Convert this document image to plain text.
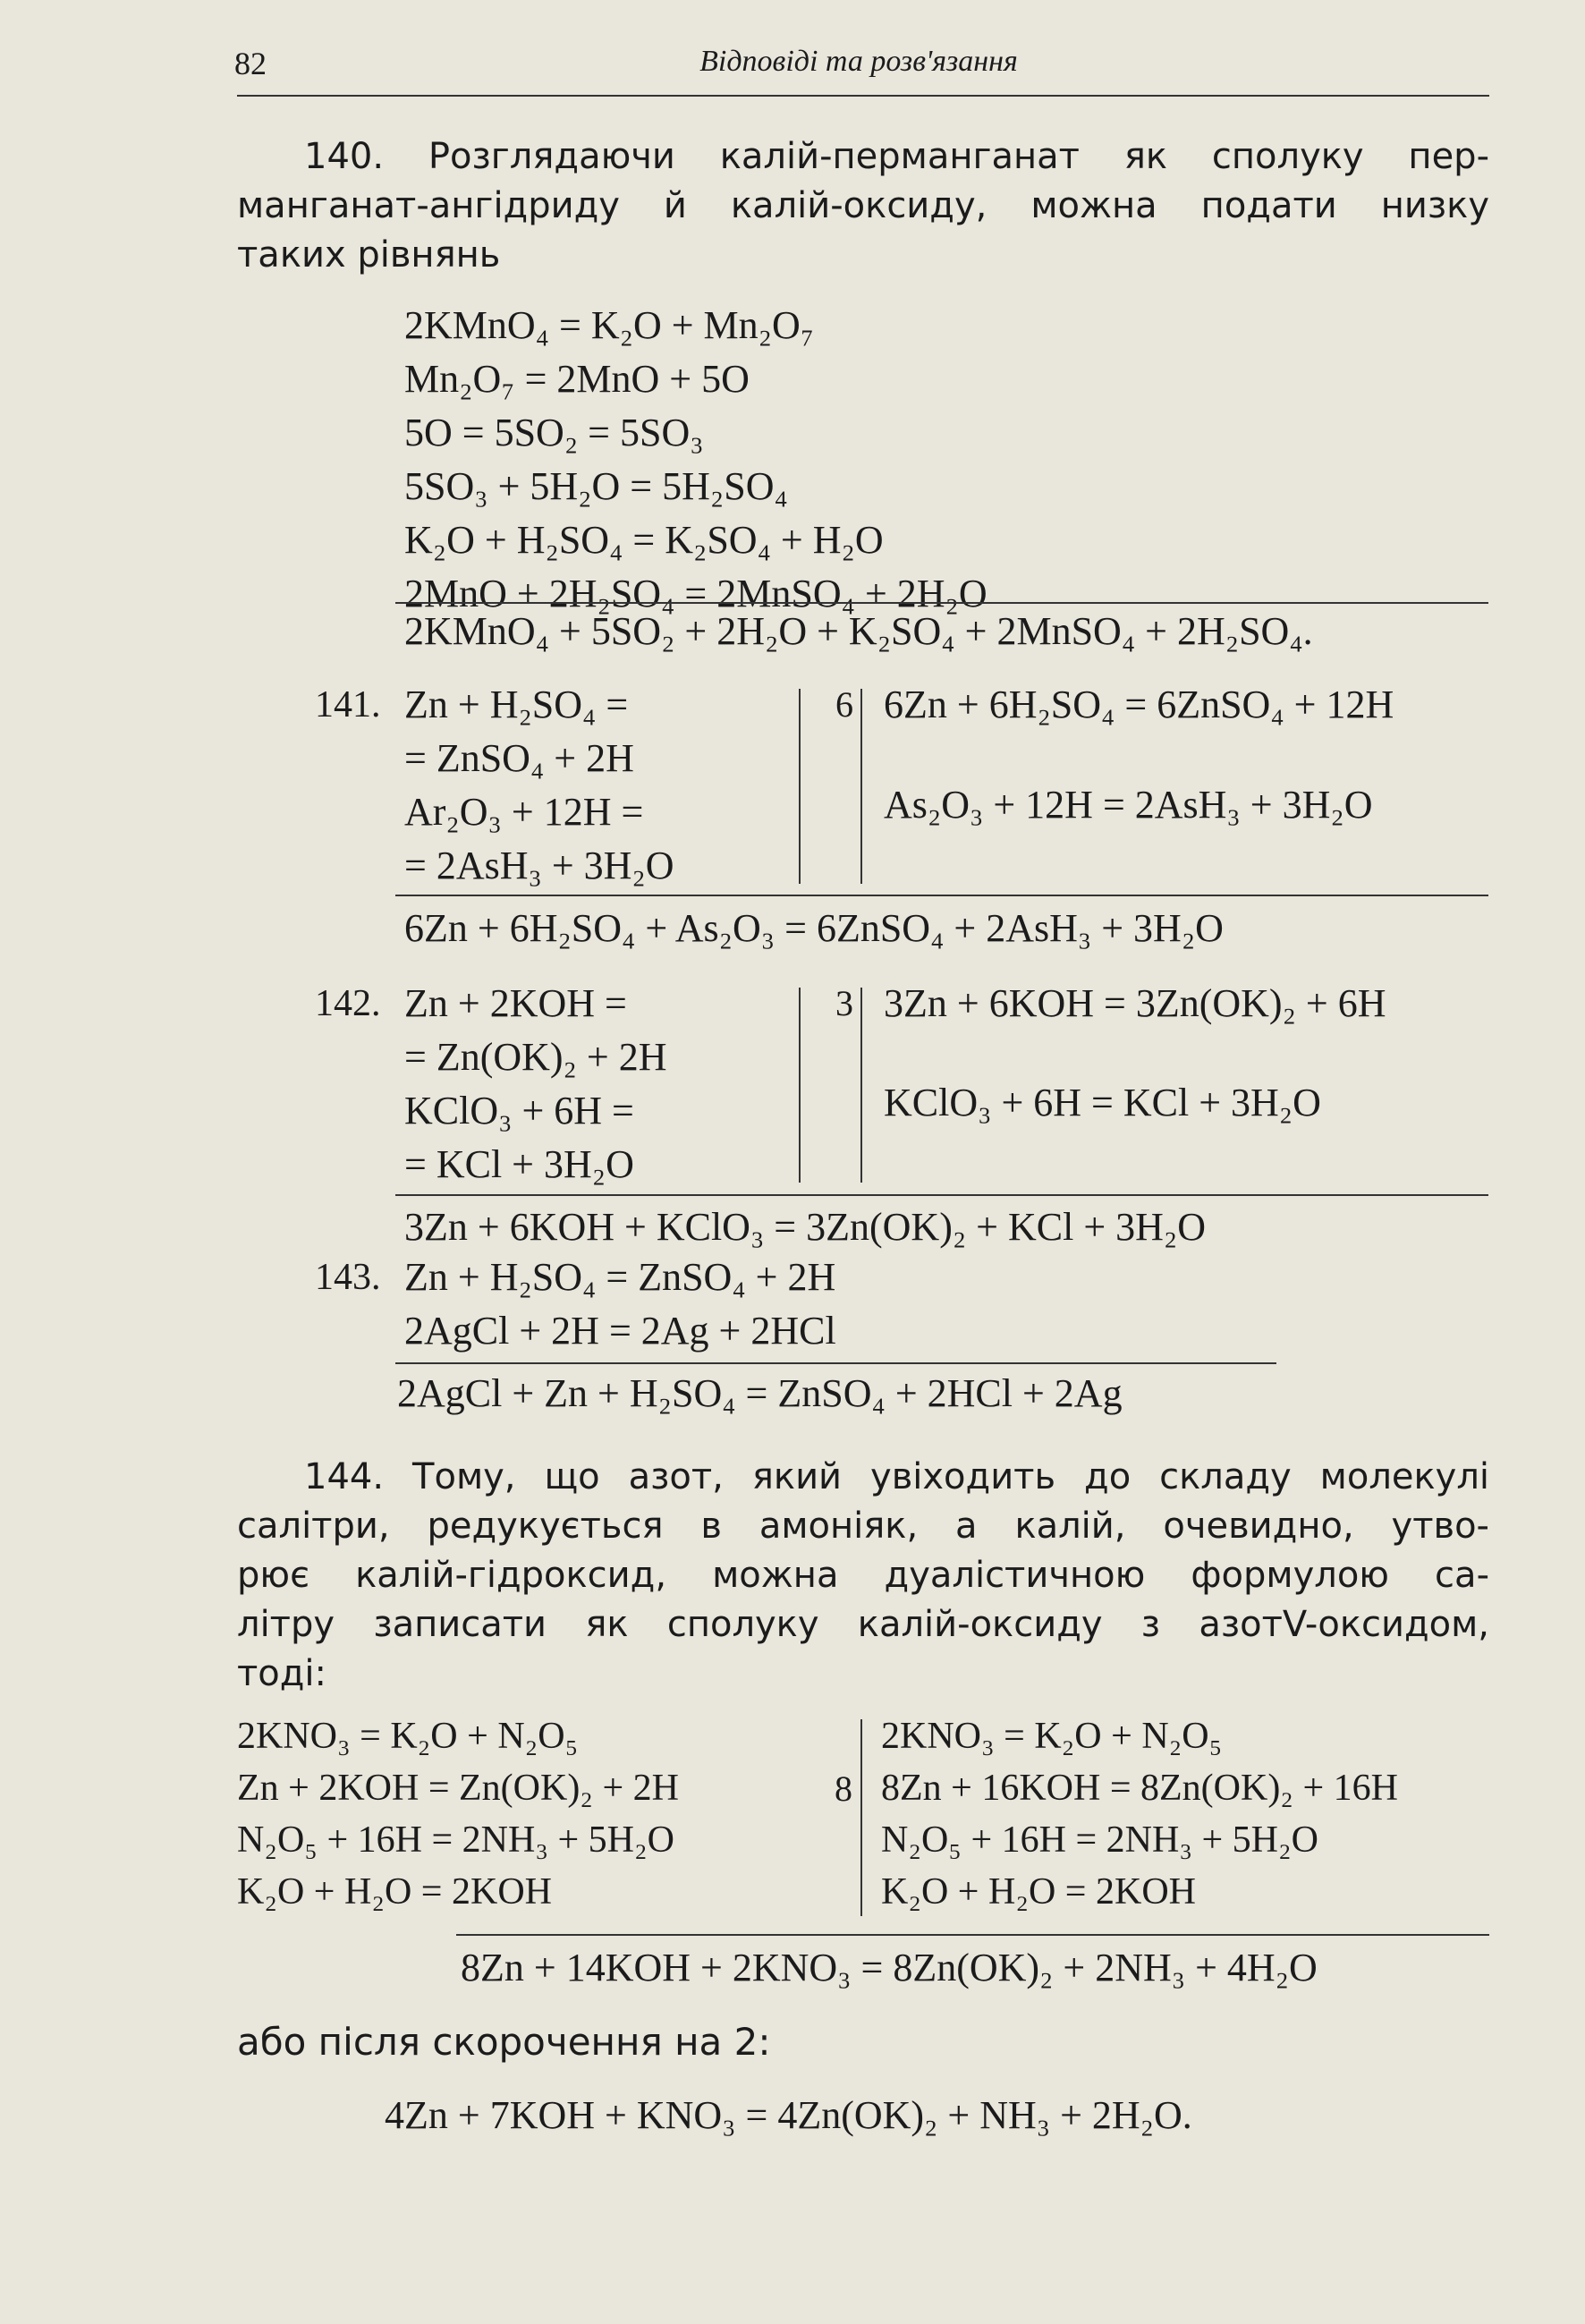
82	Відповіді та розв'язання
140. Розглядаючи калій-перманганат як сполуку пер-
манганат-ангідриду й калій-оксиду, можна подати низку
таких рівнянь
2KMnO₄ = K₂O + Mn₂O₇
Mn₂O₇ = 2MnO + 5O
5O = 5SO₂ = 5SO₃
5SO₃ + 5H₂O = 5H₂SO₄
K₂O + H₂SO₄ = K₂SO₄ + H₂O
2MnO + 2H₂SO₄ = 2MnSO₄ + 2H₂O
2KMnO₄ + 5SO₂ + 2H₂O + K₂SO₄ + 2MnSO₄ + 2H₂SO₄.
141. Zn + H₂SO₄ =
= ZnSO₄ + 2H
Ar₂O₃ + 12H =
= 2AsH₃ + 3H₂O
6 6Zn + 6H₂SO₄ = 6ZnSO₄ + 12H
As₂O₃ + 12H = 2AsH₃ + 3H₂O
6Zn + 6H₂SO₄ + As₂O₃ = 6ZnSO₄ + 2AsH₃ + 3H₂O
142. Zn + 2KOH =
= Zn(OK)₂ + 2H
KClO₃ + 6H =
= KCl + 3H₂O
3 3Zn + 6KOH = 3Zn(OK)₂ + 6H
KClO₃ + 6H = KCl + 3H₂O
3Zn + 6KOH + KClO₃ = 3Zn(OK)₂ + KCl + 3H₂O
143. Zn + H₂SO₄ = ZnSO₄ + 2H
2AgCl + 2H = 2Ag + 2HCl
2AgCl + Zn + H₂SO₄ = ZnSO₄ + 2HCl + 2Ag
144. Тому, що азот, який увіходить до складу молекулі
салітри, редукується в амоніяк, а калій, очевидно, утво-
рює калій-гідроксид, можна дуалістичною формулою са-
літру записати як сполуку калій-оксиду з азотV-оксидом,
тоді:
2KNO₃ = K₂O + N₂O₅
Zn + 2KOH = Zn(OK)₂ + 2H
N₂O₅ + 16H = 2NH₃ + 5H₂O
K₂O + H₂O = 2KOH
8
2KNO₃ = K₂O + N₂O₅
8Zn + 16KOH = 8Zn(OK)₂ + 16H
N₂O₅ + 16H = 2NH₃ + 5H₂O
K₂O + H₂O = 2KOH
8Zn + 14KOH + 2KNO₃ = 8Zn(OK)₂ + 2NH₃ + 4H₂O
або після скорочення на 2:
4Zn + 7KOH + KNO₃ = 4Zn(OK)₂ + NH₃ + 2H₂O.
